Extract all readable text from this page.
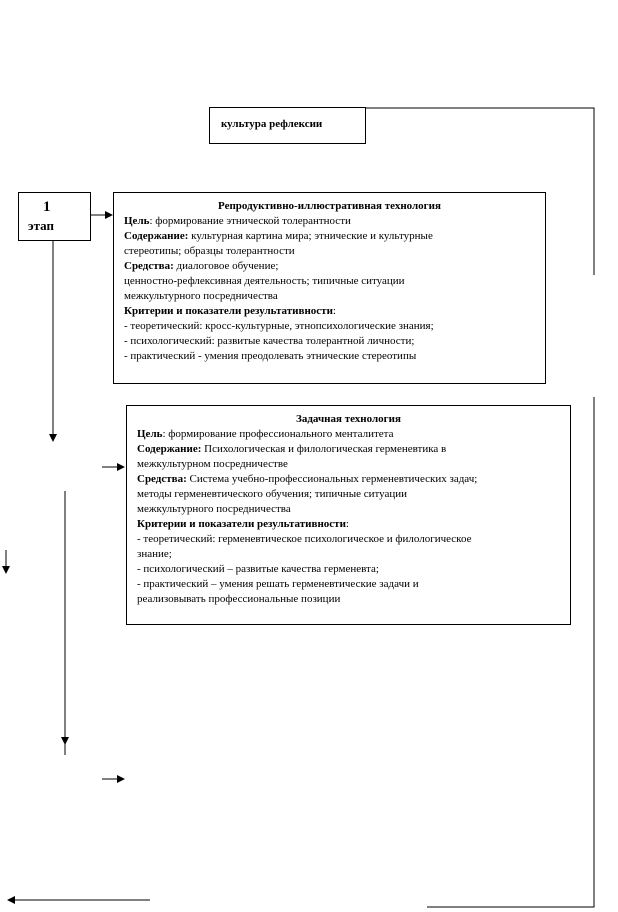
культура рефлексии
1
этап
Репродуктивно-иллюстративная технология
Цель: формирование этнической толерантности
Содержание: культурная картина мира; этнические и культурные
стереотипы; образцы толерантности
Средства: диалоговое обучение;
ценностно-рефлексивная деятельность; типичные ситуации
межкультурного посредничества
Критерии и показатели результативности:
- теоретический: кросс-культурные, этнопсихологические знания;
- психологический: развитые качества толерантной личности;
- практический - умения преодолевать этнические стереотипы
Задачная технология
Цель: формирование профессионального менталитета
Содержание: Психологическая и филологическая герменевтика в
межкультурном посредничестве
Средства: Система учебно-профессиональных герменевтических задач;
методы герменевтического обучения; типичные ситуации
межкультурного посредничества
Критерии и показатели результативности:
- теоретический: герменевтическое психологическое и филологическое
знание;
- психологический – развитые качества герменевта;
- практический – умения решать герменевтические задачи и
реализовывать профессиональные позиции
